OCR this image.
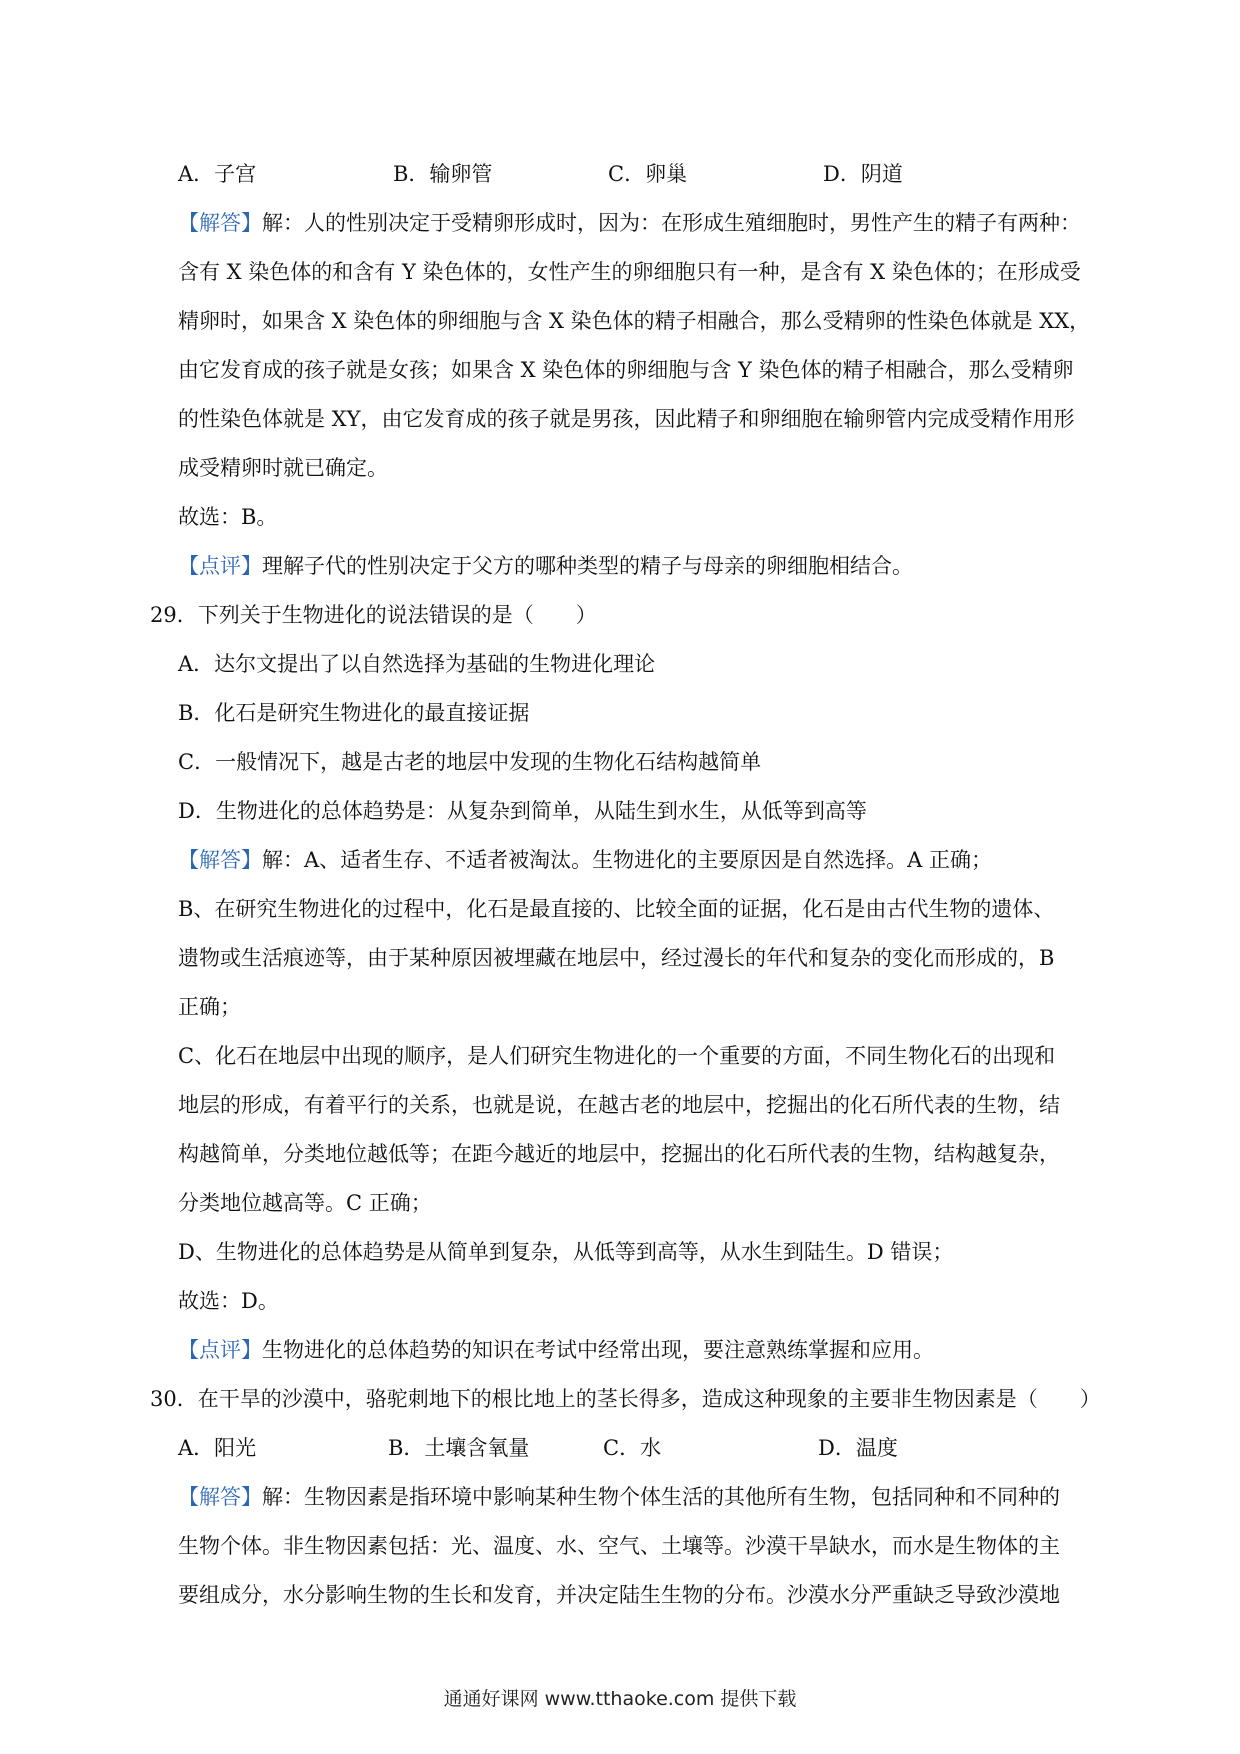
A．子宫	B．输卵管	C．卵巢	D．阴道
【解答】解：人的性别决定于受精卵形成时，因为：在形成生殖细胞时，男性产生的精子有两种：
含有 X 染色体的和含有 Y 染色体的，女性产生的卵细胞只有一种，是含有 X 染色体的；在形成受
精卵时，如果含 X 染色体的卵细胞与含 X 染色体的精子相融合，那么受精卵的性染色体就是 XX，
由它发育成的孩子就是女孩；如果含 X 染色体的卵细胞与含 Y 染色体的精子相融合，那么受精卵
的性染色体就是 XY，由它发育成的孩子就是男孩，因此精子和卵细胞在输卵管内完成受精作用形
成受精卵时就已确定。
故选：B。
【点评】理解子代的性别决定于父方的哪种类型的精子与母亲的卵细胞相结合。
29．下列关于生物进化的说法错误的是（　　）
A．达尔文提出了以自然选择为基础的生物进化理论
B．化石是研究生物进化的最直接证据
C．一般情况下，越是古老的地层中发现的生物化石结构越简单
D．生物进化的总体趋势是：从复杂到简单，从陆生到水生，从低等到高等
【解答】解：A、适者生存、不适者被淘汰。生物进化的主要原因是自然选择。A 正确；
B、在研究生物进化的过程中，化石是最直接的、比较全面的证据，化石是由古代生物的遗体、
遗物或生活痕迹等，由于某种原因被埋藏在地层中，经过漫长的年代和复杂的变化而形成的，B
正确；
C、化石在地层中出现的顺序，是人们研究生物进化的一个重要的方面，不同生物化石的出现和
地层的形成，有着平行的关系，也就是说，在越古老的地层中，挖掘出的化石所代表的生物，结
构越简单，分类地位越低等；在距今越近的地层中，挖掘出的化石所代表的生物，结构越复杂，
分类地位越高等。C 正确；
D、生物进化的总体趋势是从简单到复杂，从低等到高等，从水生到陆生。D 错误；
故选：D。
【点评】生物进化的总体趋势的知识在考试中经常出现，要注意熟练掌握和应用。
30．在干旱的沙漠中，骆驼刺地下的根比地上的茎长得多，造成这种现象的主要非生物因素是（　　）
A．阳光	B．土壤含氧量	C．水	D．温度
【解答】解：生物因素是指环境中影响某种生物个体生活的其他所有生物，包括同种和不同种的
生物个体。非生物因素包括：光、温度、水、空气、土壤等。沙漠干旱缺水，而水是生物体的主
要组成分，水分影响生物的生长和发育，并决定陆生生物的分布。沙漠水分严重缺乏导致沙漠地
通通好课网 www.tthaoke.com 提供下载
